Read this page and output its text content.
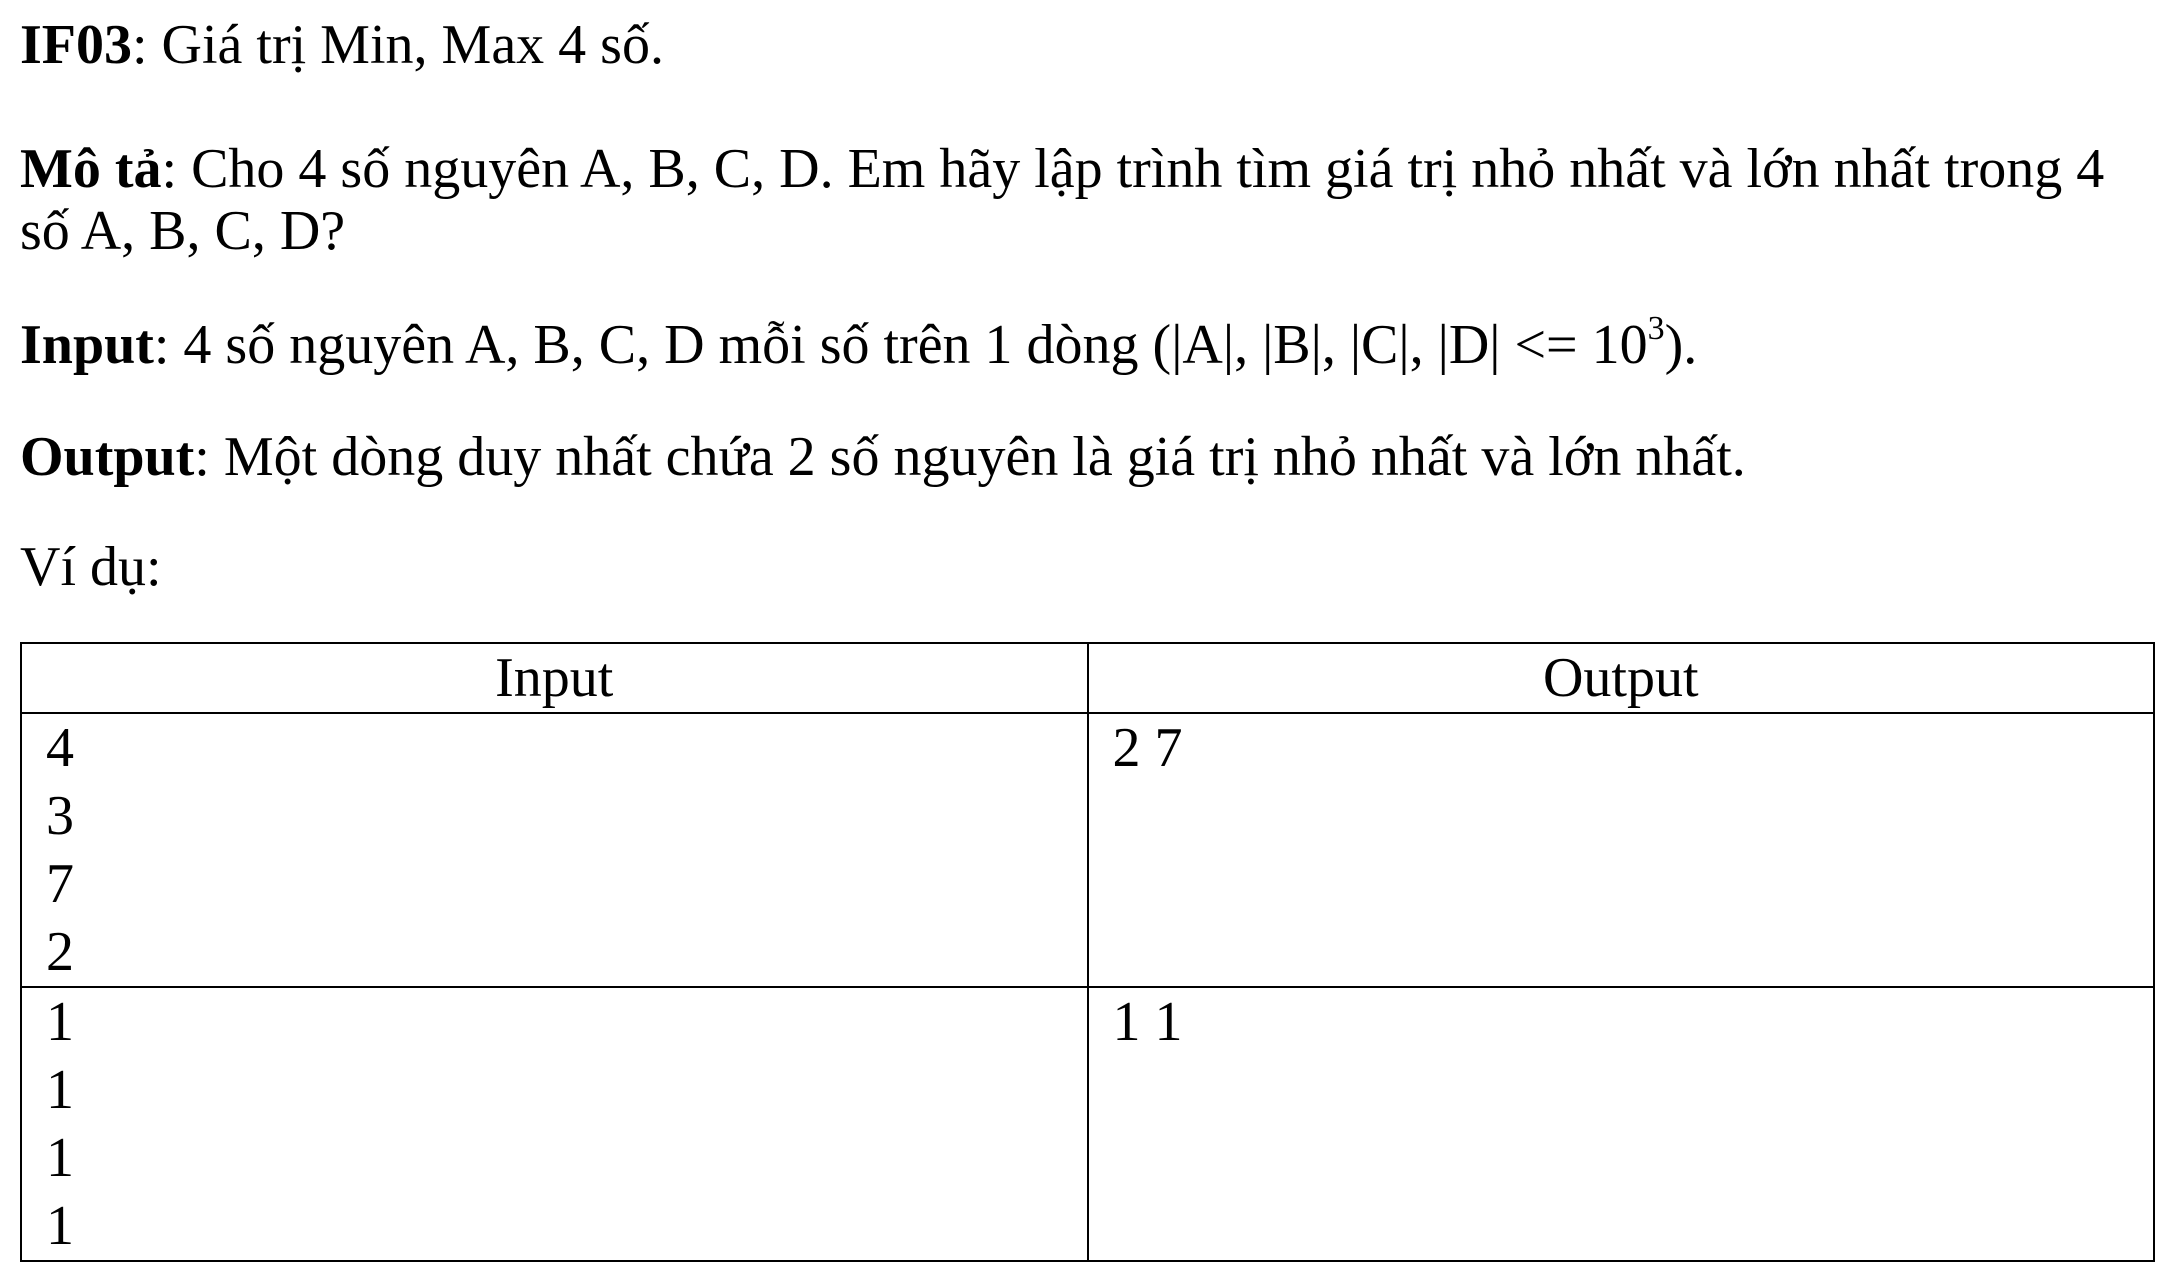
IF03: Giá trị Min, Max 4 số.

Mô tả: Cho 4 số nguyên A, B, C, D. Em hãy lập trình tìm giá trị nhỏ nhất và lớn nhất trong 4 số A, B, C, D?

Input: 4 số nguyên A, B, C, D mỗi số trên 1 dòng (|A|, |B|, |C|, $|D| <= 10^3$).

Output: Một dòng duy nhất chứa 2 số nguyên là giá trị nhỏ nhất và lớn nhất.

Ví dụ:

Input	Output

4
3
7
2	2 7

1
1
1
1	1 1
